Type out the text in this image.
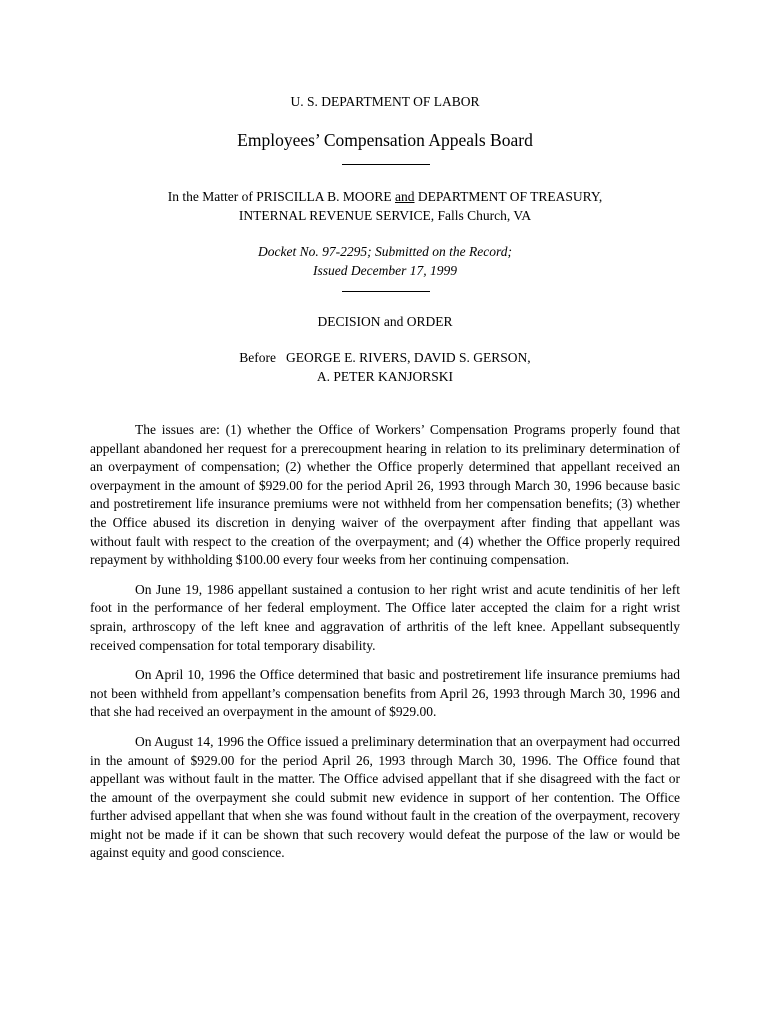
U. S. DEPARTMENT OF LABOR
Employees’ Compensation Appeals Board
In the Matter of PRISCILLA B. MOORE and DEPARTMENT OF TREASURY,
INTERNAL REVENUE SERVICE, Falls Church, VA
Docket No. 97-2295; Submitted on the Record;
Issued December 17, 1999
DECISION and ORDER
Before GEORGE E. RIVERS, DAVID S. GERSON,
A. PETER KANJORSKI

The issues are: (1) whether the Office of Workers’ Compensation Programs properly found that appellant abandoned her request for a prerecoupment hearing in relation to its preliminary determination of an overpayment of compensation; (2) whether the Office properly determined that appellant received an overpayment in the amount of $929.00 for the period April 26, 1993 through March 30, 1996 because basic and postretirement life insurance premiums were not withheld from her compensation benefits; (3) whether the Office abused its discretion in denying waiver of the overpayment after finding that appellant was without fault with respect to the creation of the overpayment; and (4) whether the Office properly required repayment by withholding $100.00 every four weeks from her continuing compensation.

On June 19, 1986 appellant sustained a contusion to her right wrist and acute tendinitis of her left foot in the performance of her federal employment. The Office later accepted the claim for a right wrist sprain, arthroscopy of the left knee and aggravation of arthritis of the left knee. Appellant subsequently received compensation for total temporary disability.

On April 10, 1996 the Office determined that basic and postretirement life insurance premiums had not been withheld from appellant’s compensation benefits from April 26, 1993 through March 30, 1996 and that she had received an overpayment in the amount of $929.00.

On August 14, 1996 the Office issued a preliminary determination that an overpayment had occurred in the amount of $929.00 for the period April 26, 1993 through March 30, 1996. The Office found that appellant was without fault in the matter. The Office advised appellant that if she disagreed with the fact or the amount of the overpayment she could submit new evidence in support of her contention. The Office further advised appellant that when she was found without fault in the creation of the overpayment, recovery might not be made if it can be shown that such recovery would defeat the purpose of the law or would be against equity and good conscience.
